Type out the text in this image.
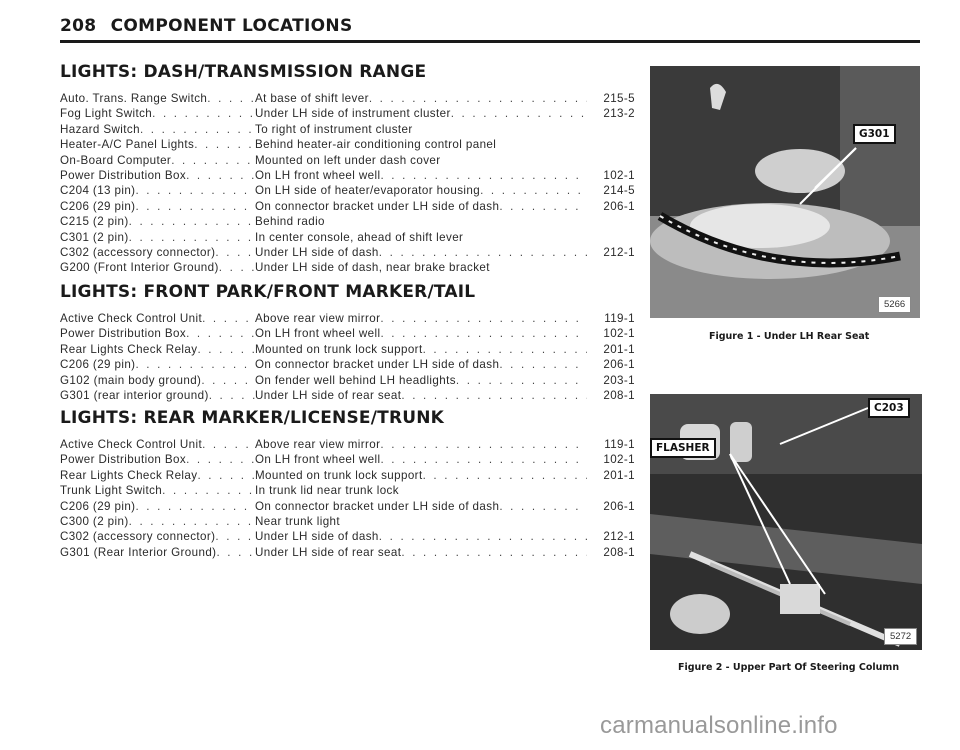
208 COMPONENT LOCATIONS
LIGHTS: DASH/TRANSMISSION RANGE
Auto. Trans. Range Switch . . .	At base of shift lever . . .	215-5
Fog Light Switch . . .	Under LH side of instrument cluster . . .	213-2
Hazard Switch . . .	To right of instrument cluster
Heater-A/C Panel Lights . . .	Behind heater-air conditioning control panel
On-Board Computer . . .	Mounted on left under dash cover
Power Distribution Box . . .	On LH front wheel well . . .	102-1
C204 (13 pin) . . .	On LH side of heater/evaporator housing . . .	214-5
C206 (29 pin) . . .	On connector bracket under LH side of dash . . .	206-1
C215 (2 pin) . . .	Behind radio
C301 (2 pin) . . .	In center console, ahead of shift lever
C302 (accessory connector) . . .	Under LH side of dash . . .	212-1
G200 (Front Interior Ground) . . .	Under LH side of dash, near brake bracket
LIGHTS: FRONT PARK/FRONT MARKER/TAIL
Active Check Control Unit . . .	Above rear view mirror . . .	119-1
Power Distribution Box . . .	On LH front wheel well . . .	102-1
Rear Lights Check Relay . . .	Mounted on trunk lock support . . .	201-1
C206 (29 pin) . . .	On connector bracket under LH side of dash . . .	206-1
G102 (main body ground) . . .	On fender well behind LH headlights . . .	203-1
G301 (rear interior ground) . . .	Under LH side of rear seat . . .	208-1
LIGHTS: REAR MARKER/LICENSE/TRUNK
Active Check Control Unit . . .	Above rear view mirror . . .	119-1
Power Distribution Box . . .	On LH front wheel well . . .	102-1
Rear Lights Check Relay . . .	Mounted on trunk lock support . . .	201-1
Trunk Light Switch . . .	In trunk lid near trunk lock
C206 (29 pin) . . .	On connector bracket under LH side of dash . . .	206-1
C300 (2 pin) . . .	Near trunk light
C302 (accessory connector) . . .	Under LH side of dash . . .	212-1
G301 (Rear Interior Ground) . . .	Under LH side of rear seat . . .	208-1
G301
5266
Figure 1 - Under LH Rear Seat
C203
FLASHER
5272
Figure 2 - Upper Part Of Steering Column
carmanualsonline.info
